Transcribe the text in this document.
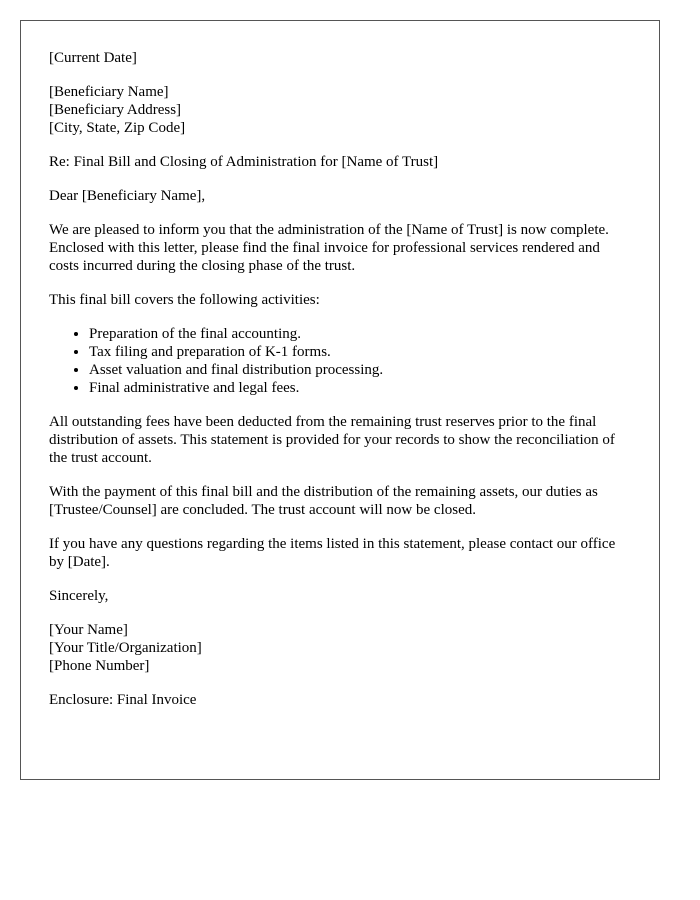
[Current Date]

[Beneficiary Name]
[Beneficiary Address]
[City, State, Zip Code]

Re: Final Bill and Closing of Administration for [Name of Trust]

Dear [Beneficiary Name],

We are pleased to inform you that the administration of the [Name of Trust] is now complete. Enclosed with this letter, please find the final invoice for professional services rendered and costs incurred during the closing phase of the trust.

This final bill covers the following activities:

• Preparation of the final accounting.
• Tax filing and preparation of K-1 forms.
• Asset valuation and final distribution processing.
• Final administrative and legal fees.

All outstanding fees have been deducted from the remaining trust reserves prior to the final distribution of assets. This statement is provided for your records to show the reconciliation of the trust account.

With the payment of this final bill and the distribution of the remaining assets, our duties as [Trustee/Counsel] are concluded. The trust account will now be closed.

If you have any questions regarding the items listed in this statement, please contact our office by [Date].

Sincerely,

[Your Name]
[Your Title/Organization]
[Phone Number]

Enclosure: Final Invoice
